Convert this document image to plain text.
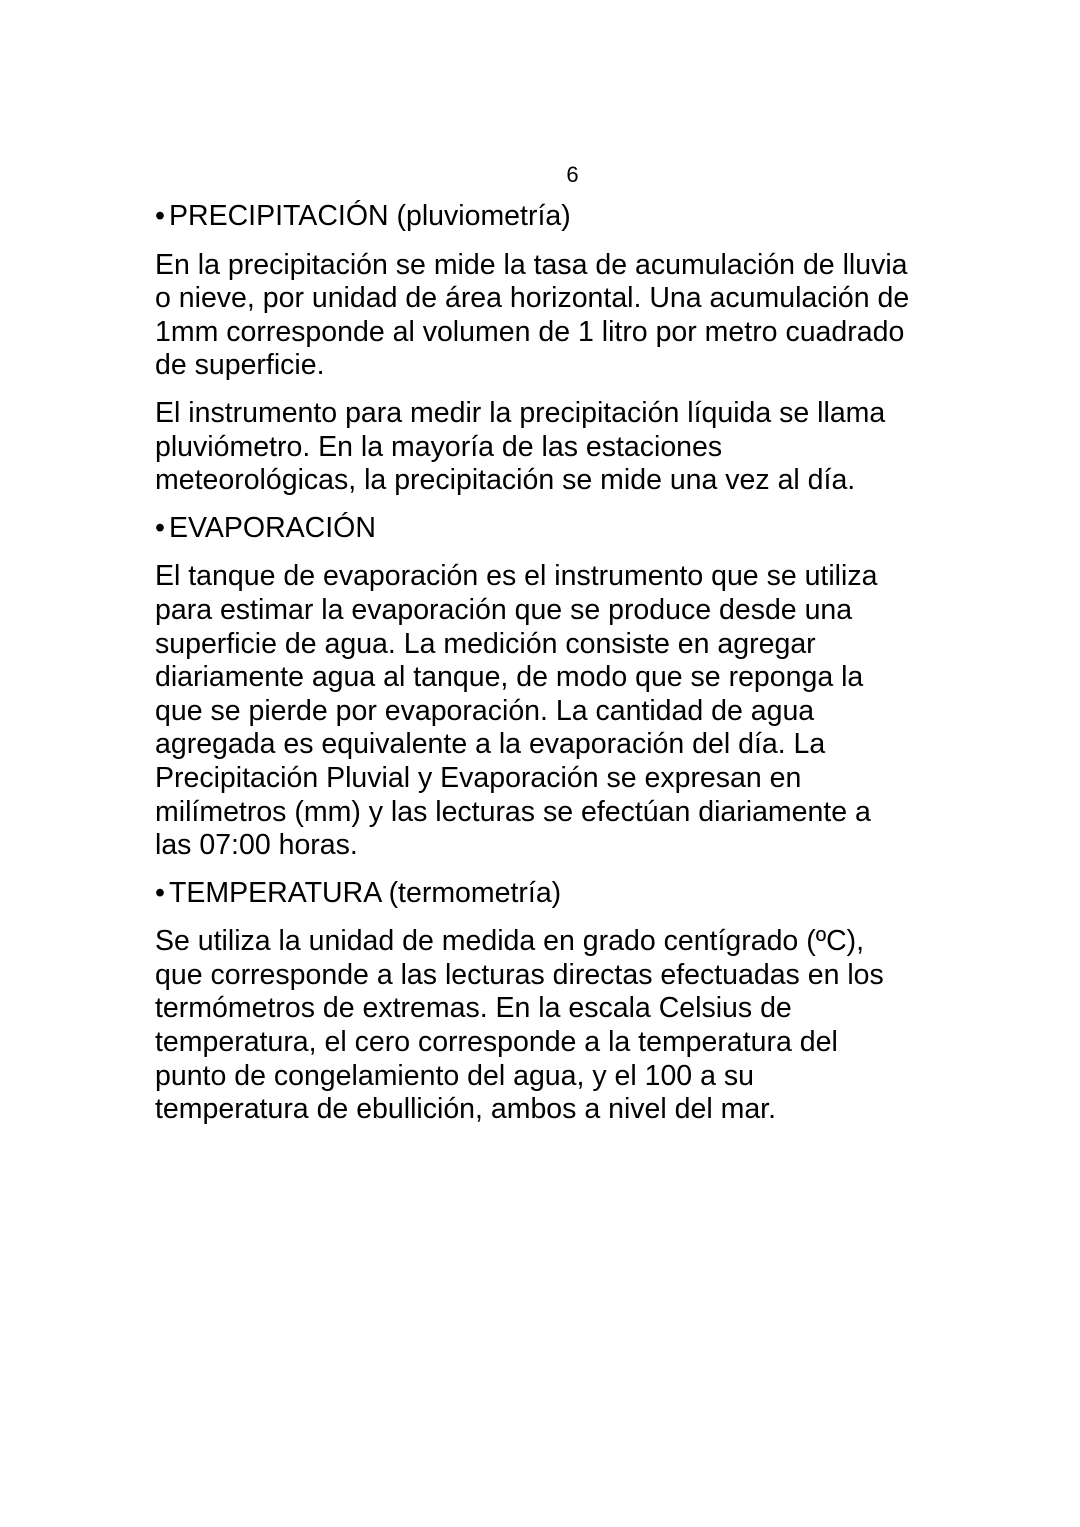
6
• PRECIPITACIÓN (pluviometría)

En la precipitación se mide la tasa de acumulación de lluvia
o nieve, por unidad de área horizontal. Una acumulación de
1mm corresponde al volumen de 1 litro por metro cuadrado
de superficie.

El instrumento para medir la precipitación líquida se llama
pluviómetro. En la mayoría de las estaciones
meteorológicas, la precipitación se mide una vez al día.

• EVAPORACIÓN

El tanque de evaporación es el instrumento que se utiliza
para estimar la evaporación que se produce desde una
superficie de agua. La medición consiste en agregar
diariamente agua al tanque, de modo que se reponga la
que se pierde por evaporación. La cantidad de agua
agregada es equivalente a la evaporación del día. La
Precipitación Pluvial y Evaporación se expresan en
milímetros (mm) y las lecturas se efectúan diariamente a
las 07:00 horas.

• TEMPERATURA (termometría)

Se utiliza la unidad de medida en grado centígrado (ºC),
que corresponde a las lecturas directas efectuadas en los
termómetros de extremas. En la escala Celsius de
temperatura, el cero corresponde a la temperatura del
punto de congelamiento del agua, y el 100 a su
temperatura de ebullición, ambos a nivel del mar.
